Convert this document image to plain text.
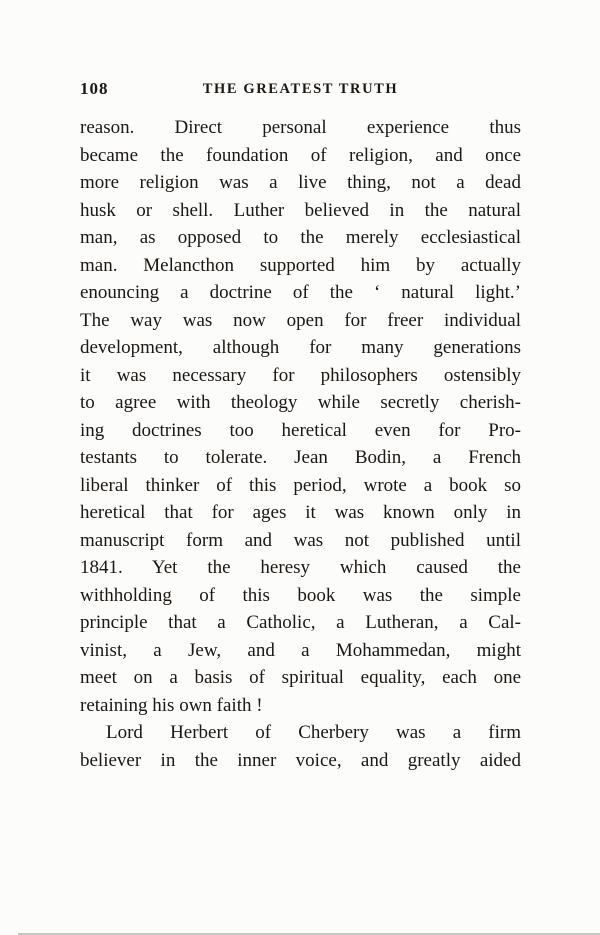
108	THE GREATEST TRUTH
reason. Direct personal experience thus
became the foundation of religion, and once
more religion was a live thing, not a dead
husk or shell. Luther believed in the natural
man, as opposed to the merely ecclesiastical
man. Melancthon supported him by actually
enouncing a doctrine of the ‘ natural light.’
The way was now open for freer individual
development, although for many generations
it was necessary for philosophers ostensibly
to agree with theology while secretly cherish-
ing doctrines too heretical even for Pro-
testants to tolerate. Jean Bodin, a French
liberal thinker of this period, wrote a book so
heretical that for ages it was known only in
manuscript form and was not published until
1841. Yet the heresy which caused the
withholding of this book was the simple
principle that a Catholic, a Lutheran, a Cal-
vinist, a Jew, and a Mohammedan, might
meet on a basis of spiritual equality, each one
retaining his own faith !
Lord Herbert of Cherbery was a firm
believer in the inner voice, and greatly aided
